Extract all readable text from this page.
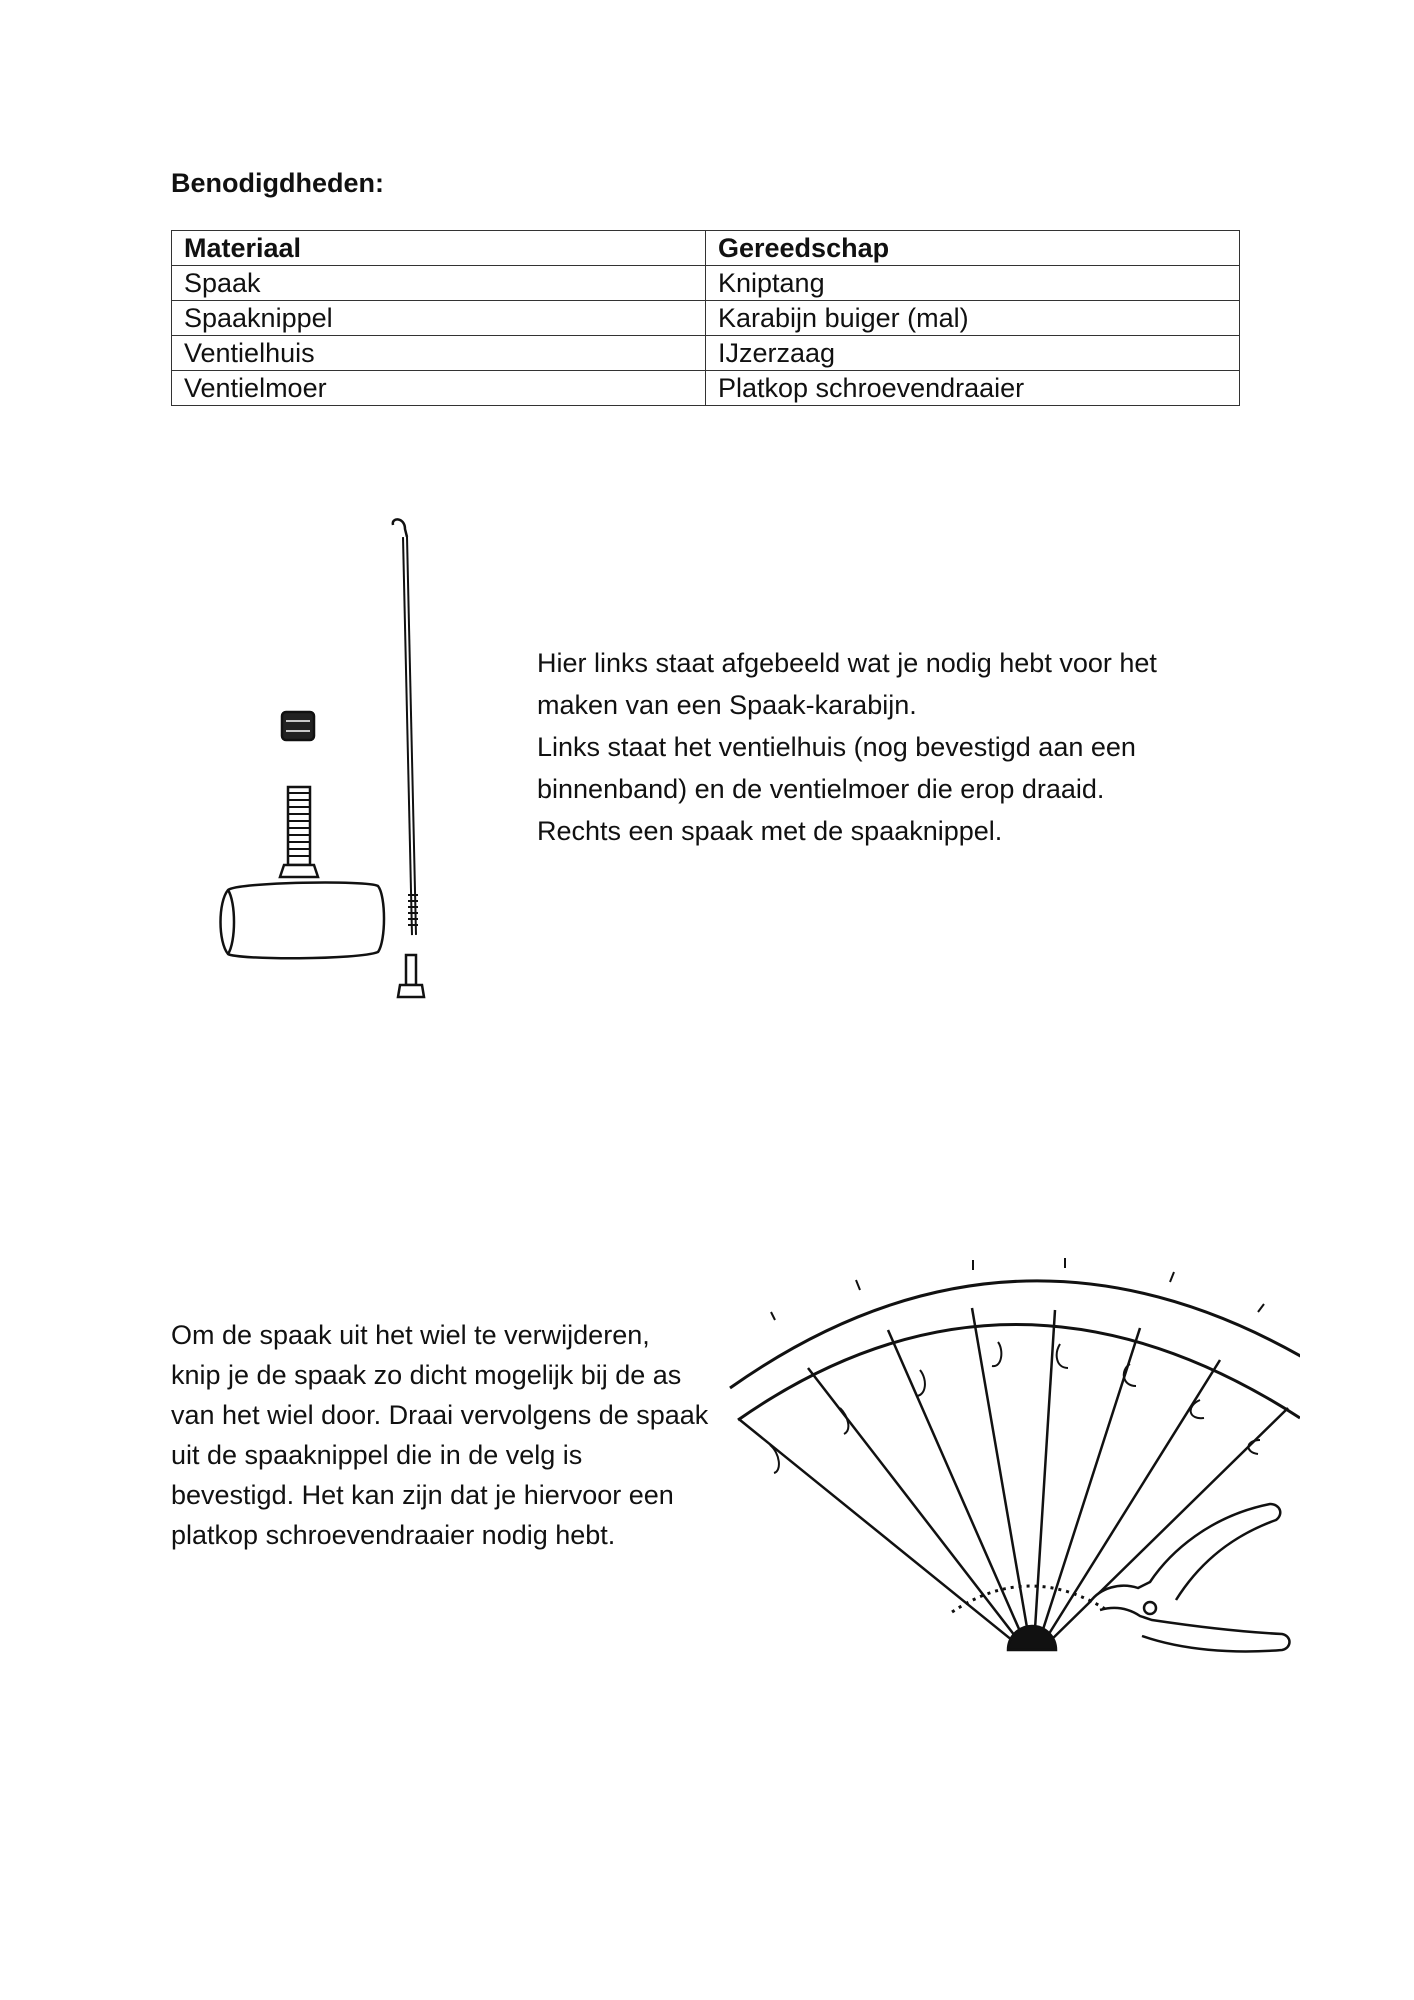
Benodigdheden:
Materiaal	Gereedschap
Spaak	Kniptang
Spaaknippel	Karabijn buiger (mal)
Ventielhuis	IJzerzaag
Ventielmoer	Platkop schroevendraaier

Hier links staat afgebeeld wat je nodig hebt voor het
maken van een Spaak-karabijn.
Links staat het ventielhuis (nog bevestigd aan een
binnenband) en de ventielmoer die erop draaid.
Rechts een spaak met de spaaknippel.

Om de spaak uit het wiel te verwijderen,
knip je de spaak zo dicht mogelijk bij de as
van het wiel door. Draai vervolgens de spaak
uit de spaaknippel die in de velg is
bevestigd. Het kan zijn dat je hiervoor een
platkop schroevendraaier nodig hebt.
